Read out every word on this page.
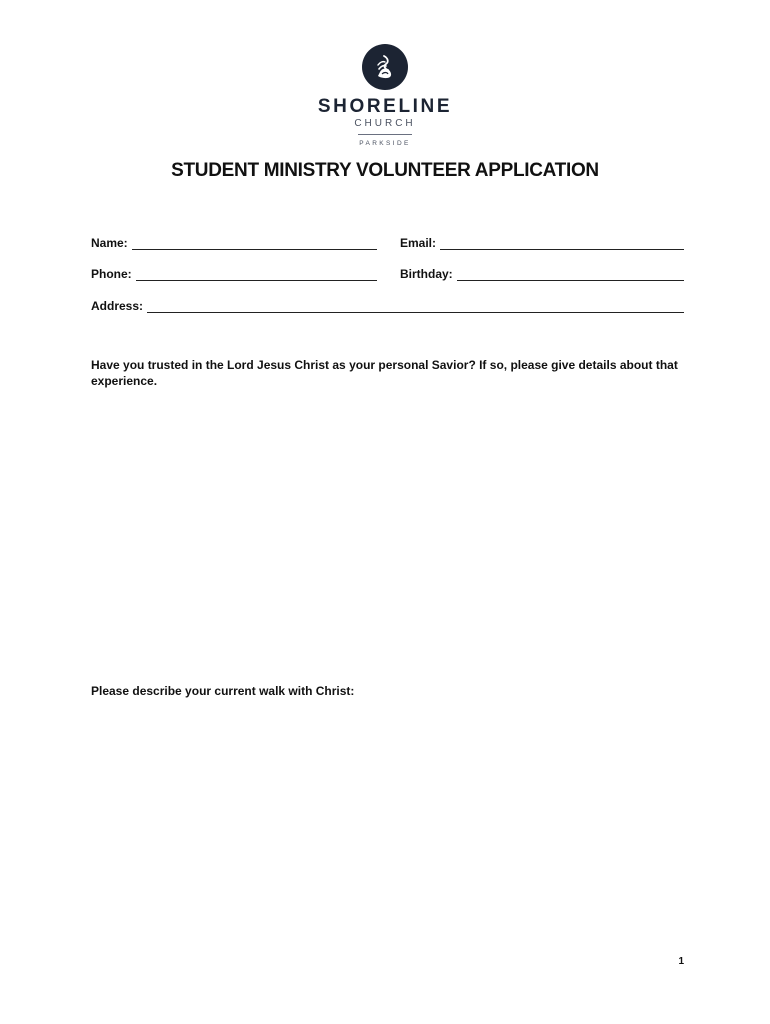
SHORELINE
CHURCH
PARKSIDE
STUDENT MINISTRY VOLUNTEER APPLICATION
Name:	Email:
Phone:	Birthday:
Address:
Have you trusted in the Lord Jesus Christ as your personal Savior? If so, please give details about that experience.
Please describe your current walk with Christ:
1
